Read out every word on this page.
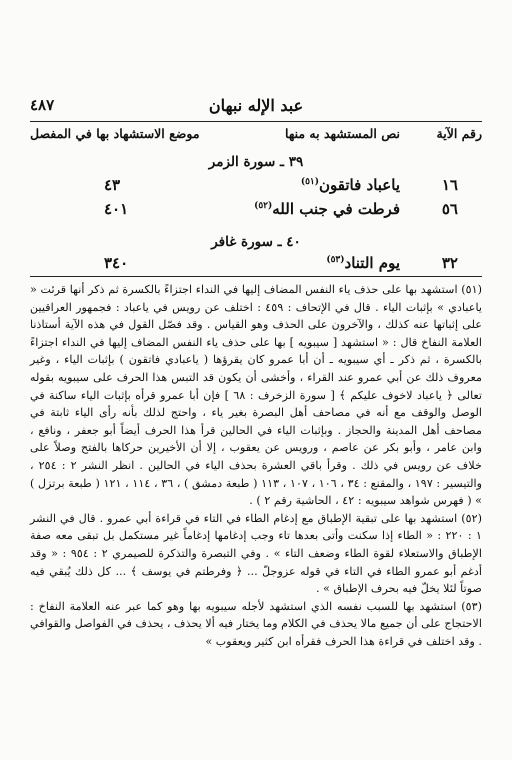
عبد الإله نبهان
٤٨٧
رقم الآية
نص المستشهد به منها
موضع الاستشهاد بها في المفصل
٣٩ ـ سورة الزمر
١٦
ياعباد فاتقون$^{(٥١)}$
٤٣
٥٦
فرطت في جنب الله$^{(٥٢)}$
٤٠١
٤٠ ـ سورة غافر
٣٢
يوم التناد$^{(٥٣)}$
٣٤٠

(٥١) استشهد بها على حذف ياء النفس المضاف إليها في النداء اجتزاءً بالكسرة ثم ذكر أنها قرئت « ياعبادي » بإثبات الياء . قال في الإتحاف : ٤٥٩ : اختلف عن رويس في ياعباد : فجمهور العراقيين على إثباتها عنه كذلك ، والآخرون على الحذف وهو القياس . وقد فصّل القول في هذه الآية أستاذنا العلامة النفاخ قال : « استشهد [ سيبويه ] بها على حذف ياء النفس المضاف إليها في النداء اجتزاءً بالكسرة ، ثم ذكر ـ أي سيبويه ـ أن أبا عمرو كان يقرؤها ( ياعبادي فاتقون ) بإثبات الياء ، وغير معروف ذلك عن أبي عمرو عند القراء ، وأخشى أن يكون قد التبس هذا الحرف على سيبويه بقوله تعالى ﴿ ياعباد لاخوف عليكم ﴾ [ سورة الزخرف : ٦٨ ] فإن أبا عمرو قرأه بإثبات الياء ساكنة في الوصل والوقف مع أنه في مصاحف أهل البصرة بغير ياء ، واحتج لذلك بأنه رأى الياء ثابتة في مصاحف أهل المدينة والحجاز . وبإثبات الياء في الحالين قرأ هذا الحرف أيضاً أبو جعفر ، ونافع ، وابن عامر ، وأبو بكر عن عاصم ، ورويس عن يعقوب ، إلا أن الأخيرين حركاها بالفتح وصلاً على خلاف عن رويس في ذلك . وقرأ باقي العشرة بحذف الياء في الحالين . انظر النشر ٢ : ٢٥٤ ، والتيسير : ١٩٧ ، والمقنع : ٣٤ ، ١٠٦ ، ١٠٧ ، ١١٣ ( طبعة دمشق ) ، ٣٦ ، ١١٤ ، ١٢١ ( طبعة برتزل ) » ( فهرس شواهد سيبويه : ٤٢ ، الحاشية رقم ٢ ) .

(٥٢) استشهد بها على تبقية الإطباق مع إدغام الطاء في التاء في قراءة أبي عمرو . قال في النشر ١ : ٢٢٠ : « الطاء إذا سكنت وأتى بعدها تاء وجب إدغامها إدغاماً غير مستكمل بل تبقى معه صفة الإطباق والاستعلاء لقوة الطاء وضعف التاء » . وفي التبصرة والتذكرة للصيمري ٢ : ٩٥٤ : « وقد أدغم أبو عمرو الطاء في التاء في قوله عزوجلّ ... ﴿ وفرطتم في يوسف ﴾ ... كل ذلك يُبقي فيه صوتاً لئلا يخلّ فيه بحرف الإطباق » .

(٥٣) استشهد بها للسبب نفسه الذي استشهد لأجله سيبويه بها وهو كما عبر عنه العلامة النفاخ : الاحتجاج على أن جميع مالا يحذف في الكلام وما يختار فيه ألا يحذف ، يحذف في الفواصل والقوافي . وقد اختلف في قراءة هذا الحرف فقرأه ابن كثير ويعقوب »
